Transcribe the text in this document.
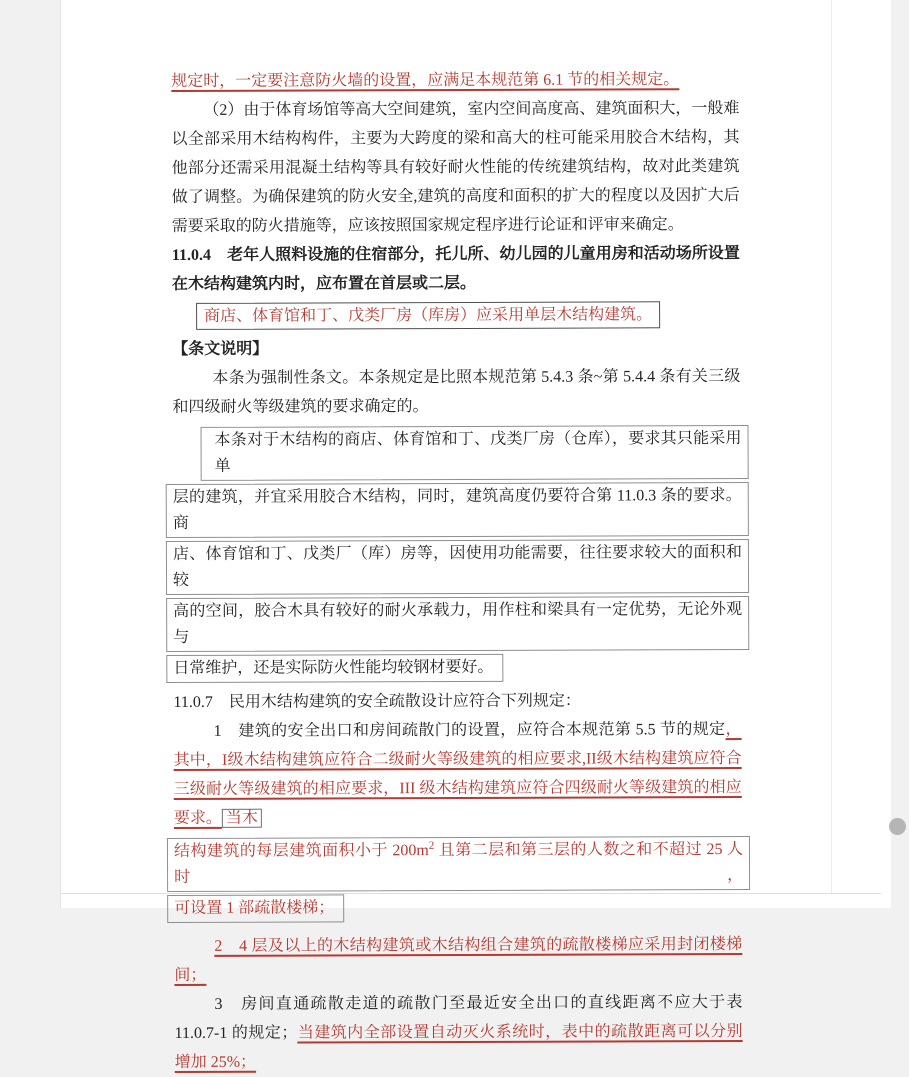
规定时，一定要注意防火墙的设置，应满足本规范第 6.1 节的相关规定。

（2）由于体育场馆等高大空间建筑，室内空间高度高、建筑面积大，一般难以全部采用木结构构件，主要为大跨度的梁和高大的柱可能采用胶合木结构，其他部分还需采用混凝土结构等具有较好耐火性能的传统建筑结构，故对此类建筑做了调整。为确保建筑的防火安全,建筑的高度和面积的扩大的程度以及因扩大后需要采取的防火措施等，应该按照国家规定程序进行论证和评审来确定。

11.0.4　老年人照料设施的住宿部分，托儿所、幼儿园的儿童用房和活动场所设置在木结构建筑内时，应布置在首层或二层。

商店、体育馆和丁、戊类厂房（库房）应采用单层木结构建筑。

【条文说明】

本条为强制性条文。本条规定是比照本规范第 5.4.3 条~第 5.4.4 条有关三级和四级耐火等级建筑的要求确定的。

本条对于木结构的商店、体育馆和丁、戊类厂房（仓库），要求其只能采用单
层的建筑，并宜采用胶合木结构，同时，建筑高度仍要符合第 11.0.3 条的要求。商
店、体育馆和丁、戊类厂（库）房等，因使用功能需要，往往要求较大的面积和较
高的空间，胶合木具有较好的耐火承载力，用作柱和梁具有一定优势，无论外观与
日常维护，还是实际防火性能均较钢材要好。

11.0.7　民用木结构建筑的安全疏散设计应符合下列规定：

1　建筑的安全出口和房间疏散门的设置，应符合本规范第 5.5 节的规定，其中，I级木结构建筑应符合二级耐火等级建筑的相应要求,II级木结构建筑应符合三级耐火等级建筑的相应要求，III 级木结构建筑应符合四级耐火等级建筑的相应要求。 当木

结构建筑的每层建筑面积小于 $200m^2$ 且第二层和第三层的人数之和不超过 25 人时，
可设置 1 部疏散楼梯；

2　4 层及以上的木结构建筑或木结构组合建筑的疏散楼梯应采用封闭楼梯间；

3　房间直通疏散走道的疏散门至最近安全出口的直线距离不应大于表 11.0.7-1 的规定；当建筑内全部设置自动灭火系统时，表中的疏散距离可以分别增加 25%；
